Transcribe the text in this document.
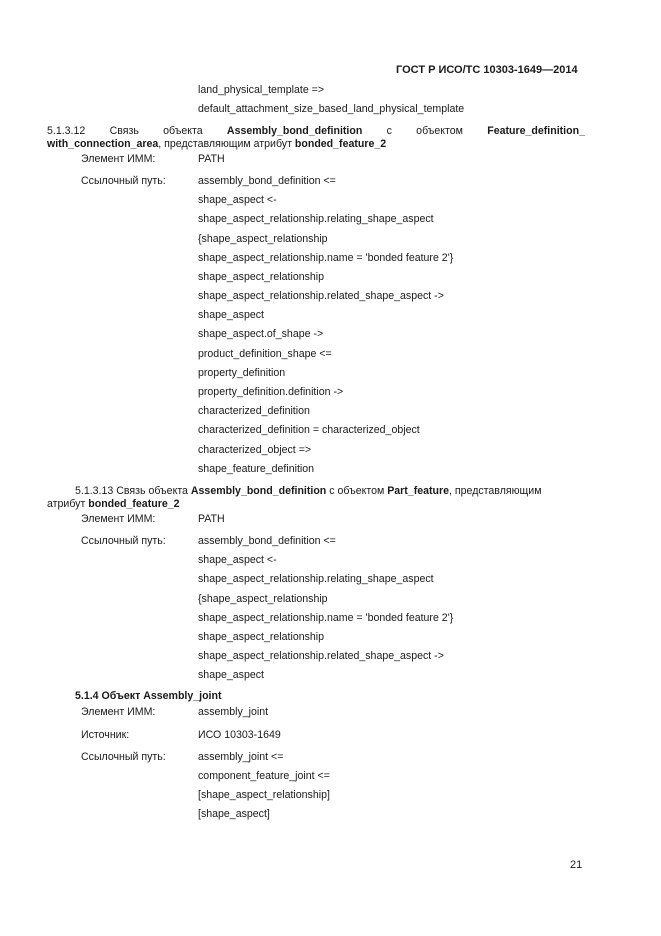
ГОСТ Р ИСО/ТС 10303-1649—2014
land_physical_template =>
default_attachment_size_based_land_physical_template
5.1.3.12 Связь объекта Assembly_bond_definition с объектом Feature_definition_
with_connection_area, представляющим атрибут bonded_feature_2
Элемент ИММ:	PATH
Ссылочный путь:	assembly_bond_definition <=
shape_aspect <-
shape_aspect_relationship.relating_shape_aspect
{shape_aspect_relationship
shape_aspect_relationship.name = 'bonded feature 2'}
shape_aspect_relationship
shape_aspect_relationship.related_shape_aspect ->
shape_aspect
shape_aspect.of_shape ->
product_definition_shape <=
property_definition
property_definition.definition ->
characterized_definition
characterized_definition = characterized_object
characterized_object =>
shape_feature_definition
5.1.3.13 Связь объекта Assembly_bond_definition с объектом Part_feature, представляющим
атрибут bonded_feature_2
Элемент ИММ:	PATH
Ссылочный путь:	assembly_bond_definition <=
shape_aspect <-
shape_aspect_relationship.relating_shape_aspect
{shape_aspect_relationship
shape_aspect_relationship.name = 'bonded feature 2'}
shape_aspect_relationship
shape_aspect_relationship.related_shape_aspect ->
shape_aspect
5.1.4 Объект Assembly_joint
Элемент ИММ:	assembly_joint
Источник:	ИСО 10303-1649
Ссылочный путь:	assembly_joint <=
component_feature_joint <=
[shape_aspect_relationship]
[shape_aspect]
21
